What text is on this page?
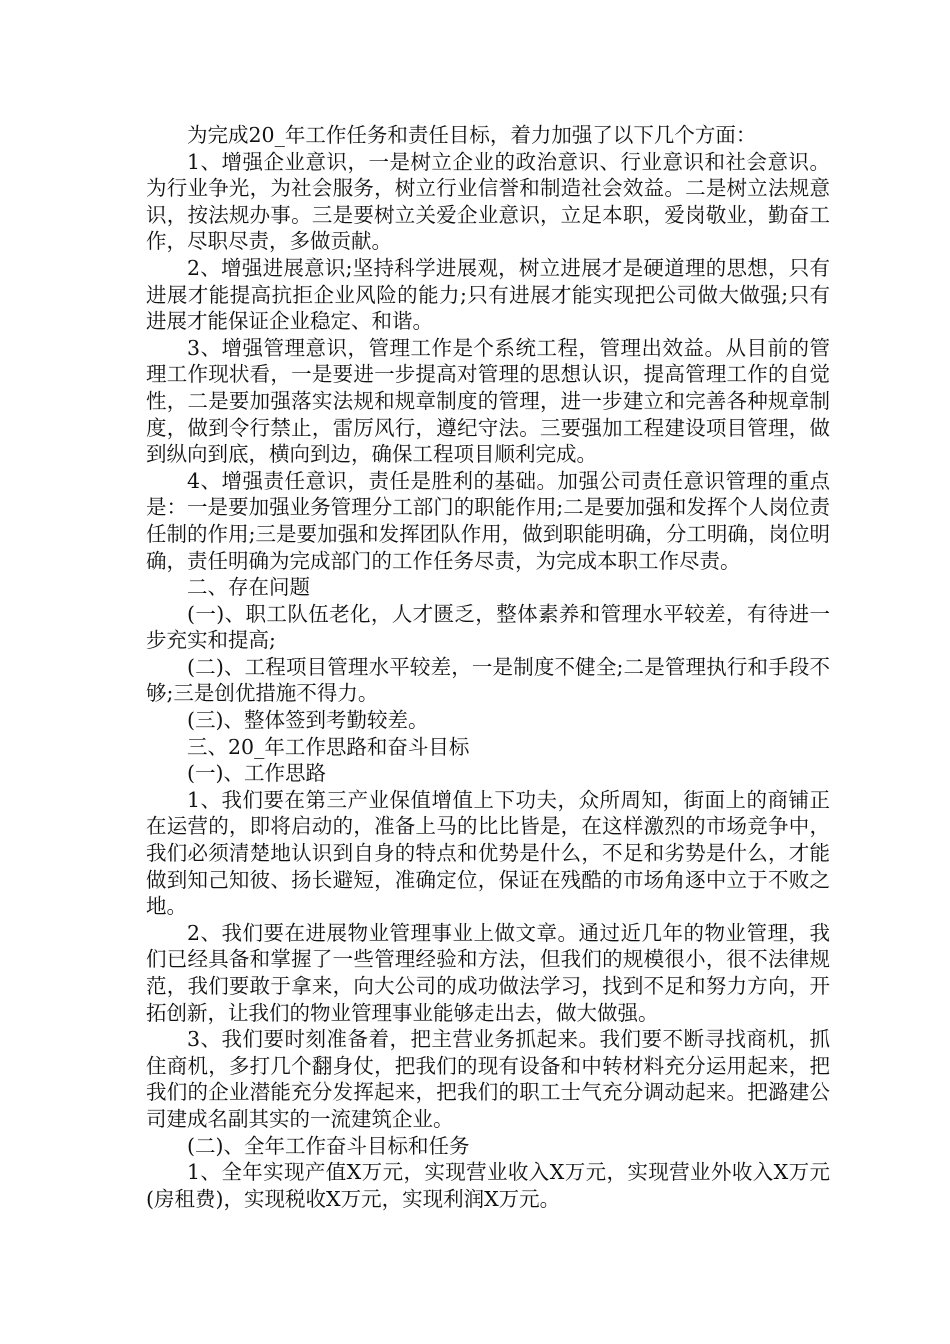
为完成20_年工作任务和责任目标，着力加强了以下几个方面：

1、增强企业意识，一是树立企业的政治意识、行业意识和社会意识。为行业争光，为社会服务，树立行业信誉和制造社会效益。二是树立法规意识，按法规办事。三是要树立关爱企业意识，立足本职，爱岗敬业，勤奋工作，尽职尽责，多做贡献。

2、增强进展意识;坚持科学进展观，树立进展才是硬道理的思想，只有进展才能提高抗拒企业风险的能力;只有进展才能实现把公司做大做强;只有进展才能保证企业稳定、和谐。

3、增强管理意识，管理工作是个系统工程，管理出效益。从目前的管理工作现状看，一是要进一步提高对管理的思想认识，提高管理工作的自觉性，二是要加强落实法规和规章制度的管理，进一步建立和完善各种规章制度，做到令行禁止，雷厉风行，遵纪守法。三要强加工程建设项目管理，做到纵向到底，横向到边，确保工程项目顺利完成。

4、增强责任意识，责任是胜利的基础。加强公司责任意识管理的重点是：一是要加强业务管理分工部门的职能作用;二是要加强和发挥个人岗位责任制的作用;三是要加强和发挥团队作用，做到职能明确，分工明确，岗位明确，责任明确为完成部门的工作任务尽责，为完成本职工作尽责。

二、存在问题

(一)、职工队伍老化，人才匮乏，整体素养和管理水平较差，有待进一步充实和提高;

(二)、工程项目管理水平较差，一是制度不健全;二是管理执行和手段不够;三是创优措施不得力。

(三)、整体签到考勤较差。

三、20_年工作思路和奋斗目标

(一)、工作思路

1、我们要在第三产业保值增值上下功夫，众所周知，街面上的商铺正在运营的，即将启动的，准备上马的比比皆是，在这样激烈的市场竞争中，我们必须清楚地认识到自身的特点和优势是什么，不足和劣势是什么，才能做到知己知彼、扬长避短，准确定位，保证在残酷的市场角逐中立于不败之地。

2、我们要在进展物业管理事业上做文章。通过近几年的物业管理，我们已经具备和掌握了一些管理经验和方法，但我们的规模很小，很不法律规范，我们要敢于拿来，向大公司的成功做法学习，找到不足和努力方向，开拓创新，让我们的物业管理事业能够走出去，做大做强。

3、我们要时刻准备着，把主营业务抓起来。我们要不断寻找商机，抓住商机，多打几个翻身仗，把我们的现有设备和中转材料充分运用起来，把我们的企业潜能充分发挥起来，把我们的职工士气充分调动起来。把潞建公司建成名副其实的一流建筑企业。

(二)、全年工作奋斗目标和任务

1、全年实现产值X万元，实现营业收入X万元，实现营业外收入X万元(房租费)，实现税收X万元，实现利润X万元。
